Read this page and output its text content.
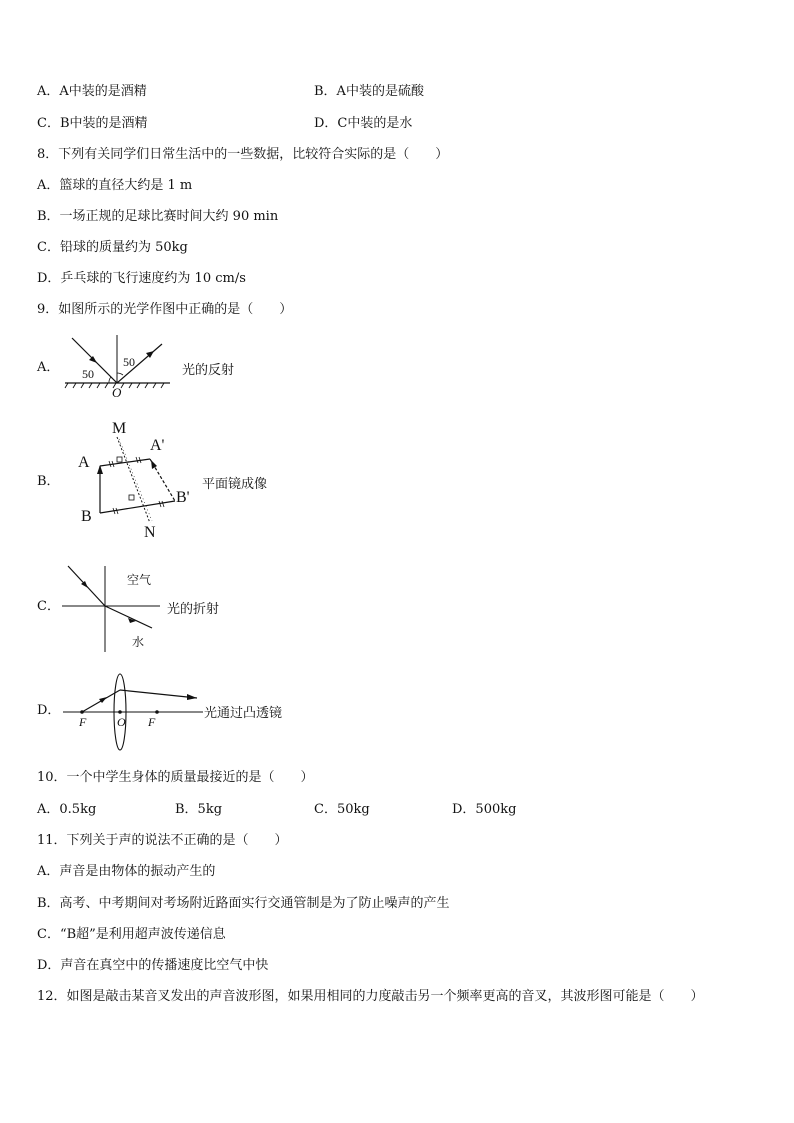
A．A中装的是酒精	B．A中装的是硫酸
C．B中装的是酒精	D．C中装的是水
8．下列有关同学们日常生活中的一些数据，比较符合实际的是（　　）
A．篮球的直径大约是 1 m
B．一场正规的足球比赛时间大约 90 min
C．铅球的质量约为 50kg
D．乒乓球的飞行速度约为 10 cm/s
9．如图所示的光学作图中正确的是（　　）
A． 50
50
O
光的反射
B．
M
N
A
A'
B
B'
平面镜成像
C．
空气
水
光的折射
D．
F	O F
光通过凸透镜
10．一个中学生身体的质量最接近的是（　　）
A．0.5kg	B．5kg	C．50kg	D．500kg
11．下列关于声的说法不正确的是（　　）
A．声音是由物体的振动产生的
B．高考、中考期间对考场附近路面实行交通管制是为了防止噪声的产生
C．“B超”是利用超声波传递信息
D．声音在真空中的传播速度比空气中快
12．如图是敲击某音叉发出的声音波形图，如果用相同的力度敲击另一个频率更高的音叉，其波形图可能是（　　）
